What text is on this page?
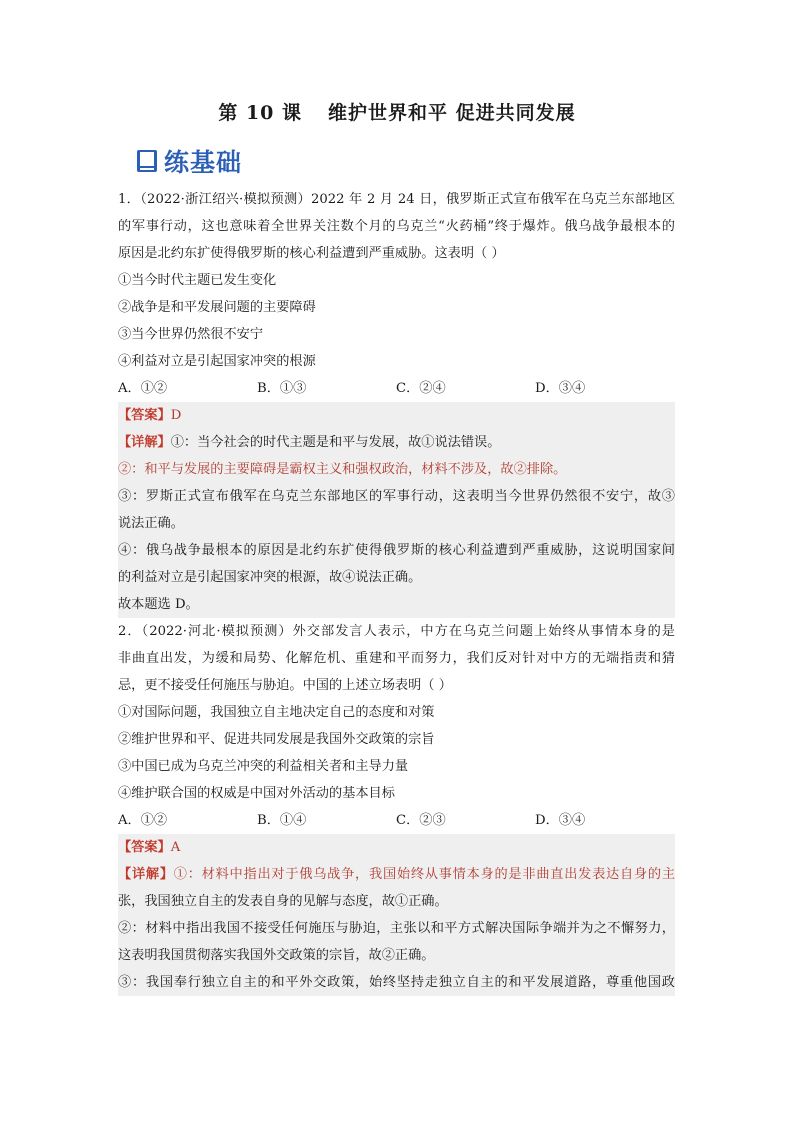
第 10 课 维护世界和平 促进共同发展
练基础
1．（2022·浙江绍兴·模拟预测）2022 年 2 月 24 日，俄罗斯正式宣布俄军在乌克兰东部地区
的军事行动，这也意味着全世界关注数个月的乌克兰“火药桶”终于爆炸。俄乌战争最根本的
原因是北约东扩使得俄罗斯的核心利益遭到严重威胁。这表明（ ）
①当今时代主题已发生变化
②战争是和平发展问题的主要障碍
③当今世界仍然很不安宁
④利益对立是引起国家冲突的根源
A．①②	B．①③	C．②④	D．③④
【答案】D
【详解】①：当今社会的时代主题是和平与发展，故①说法错误。
②：和平与发展的主要障碍是霸权主义和强权政治，材料不涉及，故②排除。
③：罗斯正式宣布俄军在乌克兰东部地区的军事行动，这表明当今世界仍然很不安宁，故③
说法正确。
④：俄乌战争最根本的原因是北约东扩使得俄罗斯的核心利益遭到严重威胁，这说明国家间
的利益对立是引起国家冲突的根源，故④说法正确。
故本题选 D。
2．（2022·河北·模拟预测）外交部发言人表示，中方在乌克兰问题上始终从事情本身的是
非曲直出发，为缓和局势、化解危机、重建和平而努力，我们反对针对中方的无端指责和猜
忌，更不接受任何施压与胁迫。中国的上述立场表明（ ）
①对国际问题，我国独立自主地决定自己的态度和对策
②维护世界和平、促进共同发展是我国外交政策的宗旨
③中国已成为乌克兰冲突的利益相关者和主导力量
④维护联合国的权威是中国对外活动的基本目标
A．①②	B．①④	C．②③	D．③④
【答案】A
【详解】①：材料中指出对于俄乌战争，我国始终从事情本身的是非曲直出发表达自身的主
张，我国独立自主的发表自身的见解与态度，故①正确。
②：材料中指出我国不接受任何施压与胁迫，主张以和平方式解决国际争端并为之不懈努力，
这表明我国贯彻落实我国外交政策的宗旨，故②正确。
③：我国奉行独立自主的和平外交政策，始终坚持走独立自主的和平发展道路，尊重他国政
